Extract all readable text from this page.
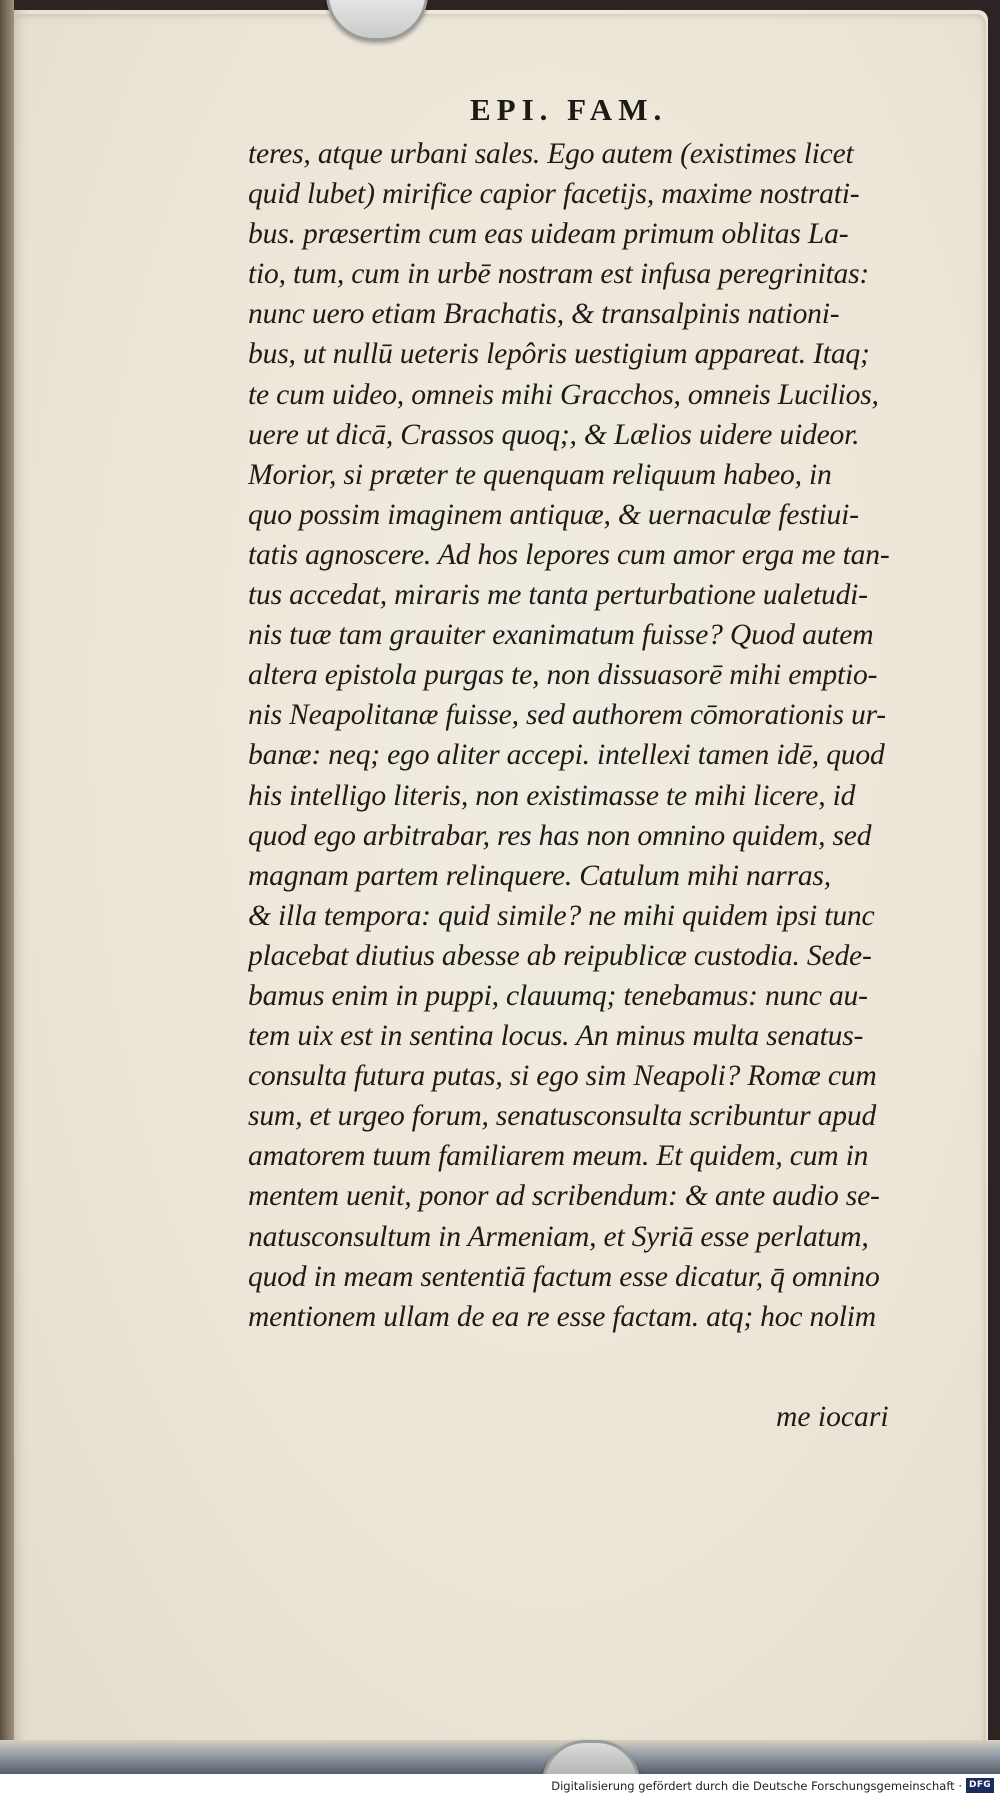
EPI. FAM.
teres, atque urbani sales. Ego autem (existimes licet
quid lubet) mirifice capior facetijs, maxime nostrati-
bus. præsertim cum eas uideam primum oblitas La-
tio, tum, cum in urbē nostram est infusa peregrinitas:
nunc uero etiam Brachatis, & transalpinis nationi-
bus, ut nullū ueteris lepôris uestigium appareat. Itaq;
te cum uideo, omneis mihi Gracchos, omneis Lucilios,
uere ut dicā, Crassos quoq;, & Lælios uidere uideor.
Morior, si præter te quenquam reliquum habeo, in
quo possim imaginem antiquæ, & uernaculæ festiui-
tatis agnoscere. Ad hos lepores cum amor erga me tan-
tus accedat, miraris me tanta perturbatione ualetudi-
nis tuæ tam grauiter exanimatum fuisse? Quod autem
altera epistola purgas te, non dissuasorē mihi emptio-
nis Neapolitanæ fuisse, sed authorem cōmorationis ur-
banæ: neq; ego aliter accepi. intellexi tamen idē, quod
his intelligo literis, non existimasse te mihi licere, id
quod ego arbitrabar, res has non omnino quidem, sed
magnam partem relinquere. Catulum mihi narras,
& illa tempora: quid simile? ne mihi quidem ipsi tunc
placebat diutius abesse ab reipublicæ custodia. Sede-
bamus enim in puppi, clauumq; tenebamus: nunc au-
tem uix est in sentina locus. An minus multa senatus-
consulta futura putas, si ego sim Neapoli? Romæ cum
sum, et urgeo forum, senatusconsulta scribuntur apud
amatorem tuum familiarem meum. Et quidem, cum in
mentem uenit, ponor ad scribendum: & ante audio se-
natusconsultum in Armeniam, et Syriā esse perlatum,
quod in meam sententiā factum esse dicatur, q̄ omnino
mentionem ullam de ea re esse factam. atq; hoc nolim
me iocari
Digitalisierung gefördert durch die Deutsche Forschungsgemeinschaft · DFG
